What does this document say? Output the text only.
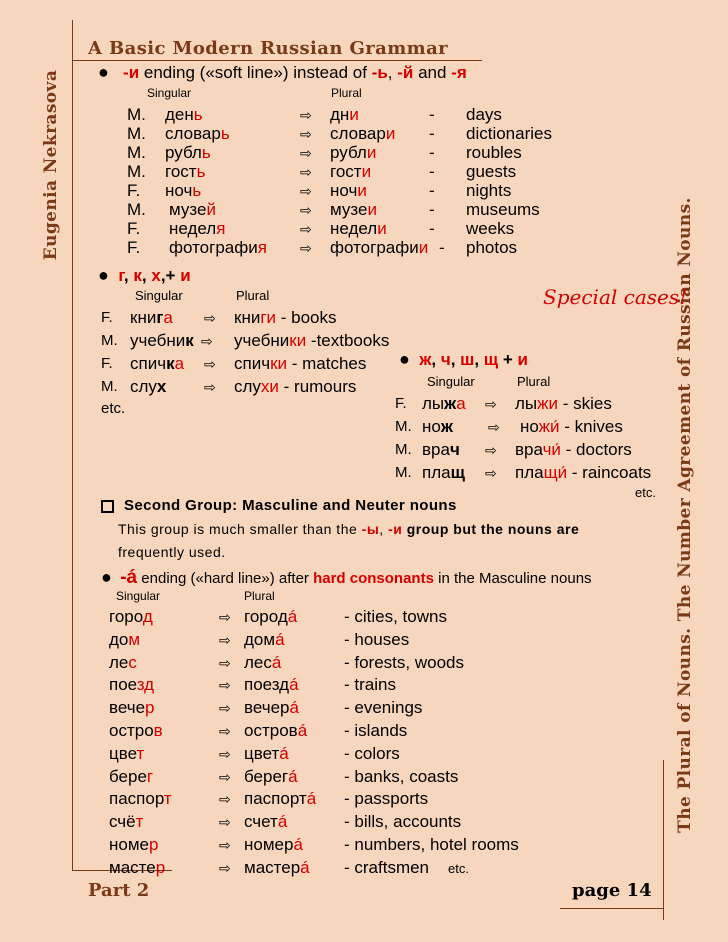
A Basic Modern Russian Grammar
Eugenia Nekrasova
The Plural of Nouns. The Number Agreement of Russian Nouns.
Part 2	page 14
● -и ending («soft line») instead of -ь, -й and -я
Singular	Plural
M. день	⇨ дни	- days
M. словарь	⇨ словари - dictionaries
M. рубль	⇨ рубли	- roubles
M. гость	⇨ гости	- guests
F. ночь	⇨ ночи	- nights
M. музей	⇨ музеи	- museums
F. неделя	⇨ недели - weeks
F. фотография ⇨ фотографии - photos
● г, к, х,+ и
Singular	Plural	Special cases!
F. книга ⇨ книги - books
M. учебник ⇨ учебники -textbooks
F. спичка ⇨ спички - matches
M. слух	⇨ слухи - rumours
etc.
● ж, ч, ш, щ + и
Singular	Plural
F. лыжа ⇨ лыжи - skies
M. нож	⇨ ножи́ - knives
M. врач ⇨ врачи́ - doctors
M. плащ ⇨ плащи́ - raincoats
etc.
Second Group: Masculine and Neuter nouns
This group is much smaller than the -ы, -и group but the nouns are
frequently used.
● -á ending («hard line») after hard consonants in the Masculine nouns
Singular	Plural
город	⇨ городá	- cities, towns
дом	⇨ домá	- houses
лес	⇨ лесá	- forests, woods
поезд	⇨ поездá	- trains
вечер	⇨ вечерá	- evenings
остров	⇨ островá - islands
цвет	⇨ цветá	- colors
берег	⇨ берегá	- banks, coasts
паспорт	⇨ паспортá - passports
счёт	⇨ счетá	- bills, accounts
номер	⇨ номерá - numbers, hotel rooms
мастер	⇨ мастерá - craftsmen etc.
